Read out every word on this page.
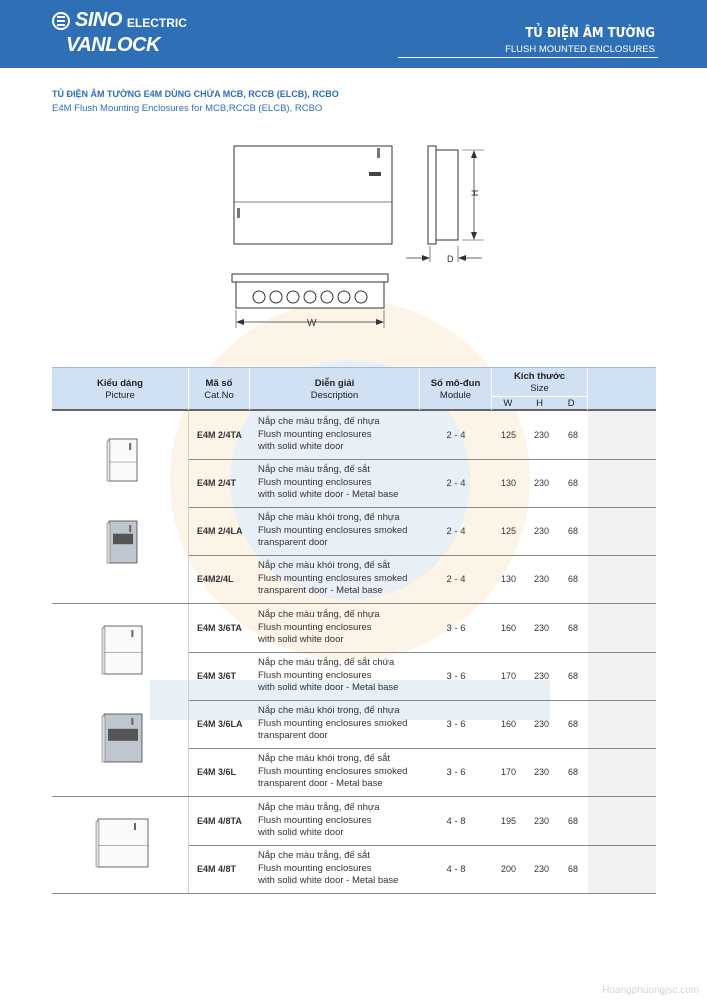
SINO ELECTRIC
VANLOCK
TỦ ĐIỆN ÂM TƯỜNG
FLUSH MOUNTED ENCLOSURES
TỦ ĐIỆN ÂM TƯỜNG E4M DÙNG CHỨA MCB, RCCB (ELCB), RCBO
E4M Flush Mounting Enclosures for MCB,RCCB (ELCB), RCBO
H
D
W
Kiểu dáng
Picture
Mã số
Cat.No
Diễn giải
Description
Số mô-đun
Module
Kích thước
Size
W	H	D
E4M 2/4TA
Nắp che màu trắng, đế nhựa
Flush mounting enclosures
with solid white door
2 - 4	125	230	68
E4M 2/4T
Nắp che màu trắng, đế sắt
Flush mounting enclosures
with solid white door - Metal base
2 - 4	130	230	68
E4M 2/4LA
Nắp che màu khói trong, đế nhựa
Flush mounting enclosures smoked
transparent door
2 - 4	125	230	68
E4M2/4L
Nắp che màu khói trong, đế sắt
Flush mounting enclosures smoked
transparent door - Metal base
2 - 4	130	230	68
E4M 3/6TA
Nắp che màu trắng, đế nhựa
Flush mounting enclosures
with solid white door
3 - 6	160	230	68
E4M 3/6T
Nắp che màu trắng, đế sắt chứa
Flush mounting enclosures
with solid white door - Metal base
3 - 6	170	230	68
E4M 3/6LA
Nắp che màu khói trong, đế nhựa
Flush mounting enclosures smoked
transparent door
3 - 6	160	230	68
E4M 3/6L
Nắp che màu khói trong, đế sắt
Flush mounting enclosures smoked
transparent door - Metal base
3 - 6	170	230	68
E4M 4/8TA
Nắp che màu trắng, đế nhựa
Flush mounting enclosures
with solid white door
4 - 8	195	230	68
E4M 4/8T
Nắp che màu trắng, đế sắt
Flush mounting enclosures
with solid white door - Metal base
4 - 8	200	230	68
Hoangphuongjsc.com
